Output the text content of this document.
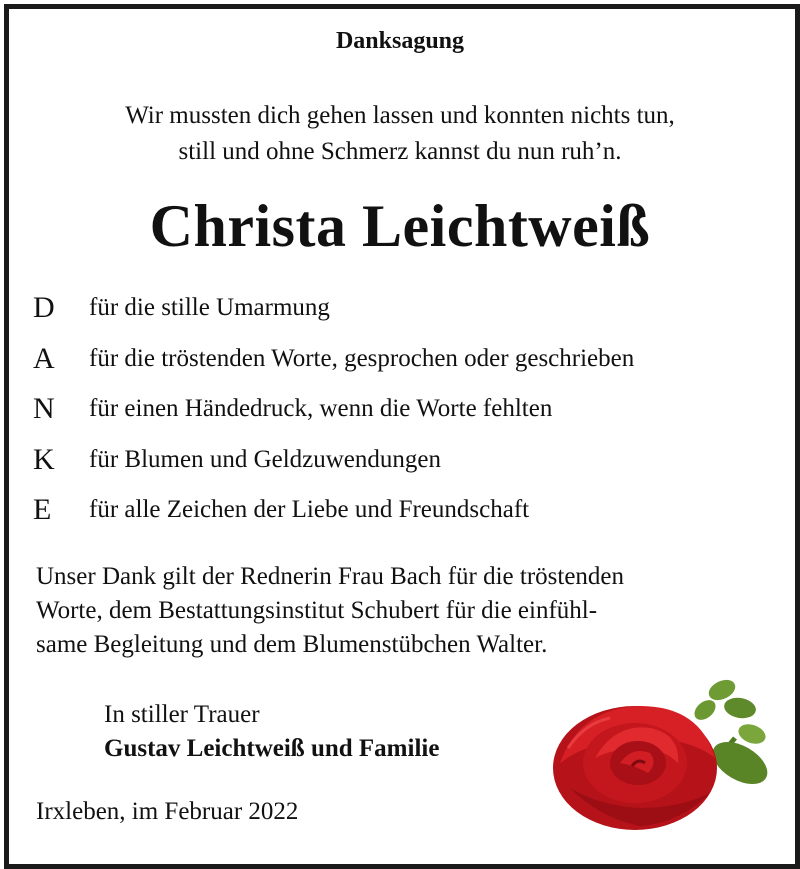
Danksagung
Wir mussten dich gehen lassen und konnten nichts tun,
still und ohne Schmerz kannst du nun ruh’n.
Christa Leichtweiß
D	für die stille Umarmung
A	für die tröstenden Worte, gesprochen oder geschrieben
N	für einen Händedruck, wenn die Worte fehlten
K	für Blumen und Geldzuwendungen
E	für alle Zeichen der Liebe und Freundschaft
Unser Dank gilt der Rednerin Frau Bach für die tröstenden
Worte, dem Bestattungsinstitut Schubert für die einfühl-
same Begleitung und dem Blumenstübchen Walter.
In stiller Trauer
Gustav Leichtweiß und Familie
Irxleben, im Februar 2022
